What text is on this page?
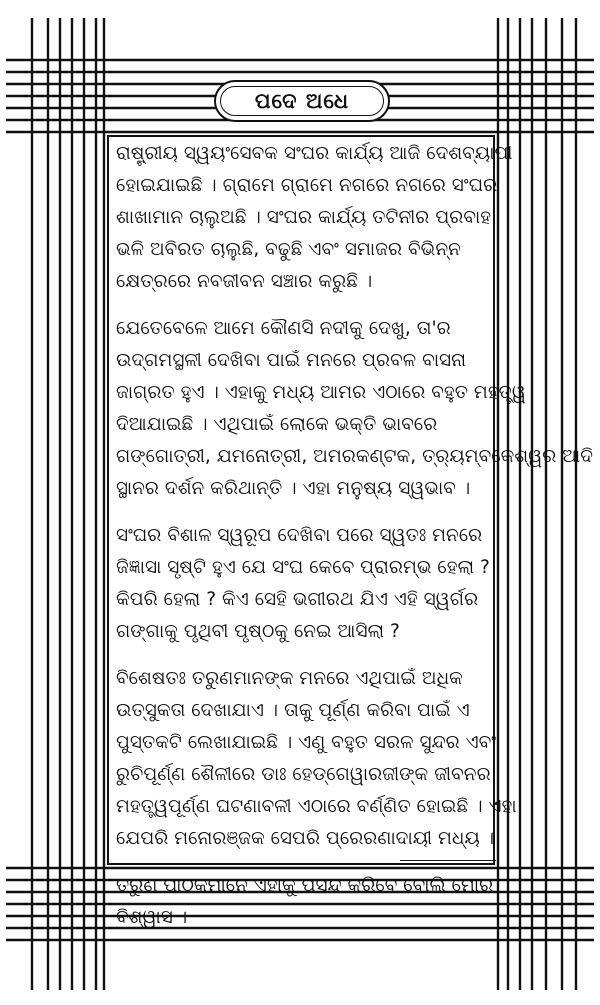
ପଦେ ଅଧେ

ରାଷ୍ଟ୍ରୀୟ ସ୍ୱୟଂସେବକ ସଂଘର କାର୍ଯ୍ୟ ଆଜି ଦେଶବ୍ୟାପୀ
ହୋଇଯାଇଛି । ଗ୍ରାମେ ଗ୍ରାମେ ନଗରେ ନଗରେ ସଂଘର
ଶାଖାମାନ ଚାଲୁଅଛି । ସଂଘର କାର୍ଯ୍ୟ ତଟିନୀର ପ୍ରବାହ
ଭଳି ଅବିରତ ଚାଲୁଛି, ବଢୁଛି ଏବଂ ସମାଜର ବିଭିନ୍ନ
କ୍ଷେତ୍ରରେ ନବଜୀବନ ସଞ୍ଚାର କରୁଛି ।

ଯେତେବେଳେ ଆମେ କୌଣସି ନଦୀକୁ ଦେଖୁ, ତା'ର
ଉଦ୍‌ଗମସ୍ଥଳୀ ଦେଖିବା ପାଇଁ ମନରେ ପ୍ରବଳ ବାସନା
ଜାଗ୍ରତ ହୁଏ । ଏହାକୁ ମଧ୍ୟ ଆମର ଏଠାରେ ବହୁତ ମହତ୍ତ୍ୱ
ଦିଆଯାଇଛି । ଏଥିପାଇଁ ଲୋକେ ଭକ୍ତି ଭାବରେ
ଗଙ୍ଗୋତ୍ରୀ, ଯମନୋତ୍ରୀ, ଅମରକଣ୍ଟକ, ତ୍ର୍ୟମ୍ବକେଶ୍ୱର ଆଦି
ସ୍ଥାନର ଦର୍ଶନ କରିଥାନ୍ତି । ଏହା ମନୁଷ୍ୟ ସ୍ୱଭାବ ।

ସଂଘର ବିଶାଳ ସ୍ୱରୂପ ଦେଖିବା ପରେ ସ୍ୱତଃ ମନରେ
ଜିଜ୍ଞାସା ସୃଷ୍ଟି ହୁଏ ଯେ ସଂଘ କେବେ ପ୍ରାରମ୍ଭ ହେଲା ?
କିପରି ହେଲା ? କିଏ ସେହି ଭଗୀରଥ ଯିଏ ଏହି ସ୍ୱର୍ଗର
ଗଙ୍ଗାକୁ ପୃଥିବୀ ପୃଷ୍ଠକୁ ନେଇ ଆସିଲା ?

ବିଶେଷତଃ ତରୁଣମାନଙ୍କ ମନରେ ଏଥିପାଇଁ ଅଧିକ
ଉତ୍ସୁକତା ଦେଖାଯାଏ । ତାକୁ ପୂର୍ଣ୍ଣ କରିବା ପାଇଁ ଏ
ପୁସ୍ତକଟି ଲେଖାଯାଇଛି । ଏଣୁ ବହୁତ ସରଳ ସୁନ୍ଦର ଏବଂ
ରୁଚିପୂର୍ଣ୍ଣ ଶୈଳୀରେ ଡାଃ ହେଡ୍‌ଗେୱାରଜୀଙ୍କ ଜୀବନର
ମହତ୍ତ୍ୱପୂର୍ଣ୍ଣ ଘଟଣାବଳୀ ଏଠାରେ ବର୍ଣ୍ଣିତ ହୋଇଛି । ଏହା
ଯେପରି ମନୋରଞ୍ଜକ ସେପରି ପ୍ରେରଣାଦାୟୀ ମଧ୍ୟ ।

ତରୁଣ ପାଠକମାନେ ଏହାକୁ ପସନ୍ଦ କରିବେ ବୋଲି ମୋର
ବିଶ୍ୱାସ ।
